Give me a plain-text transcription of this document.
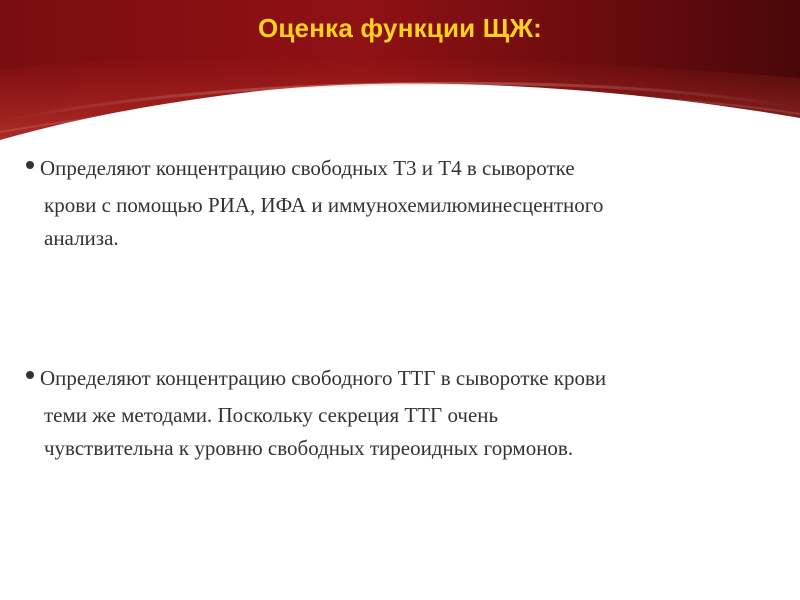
Оценка функции ЩЖ:
Определяют концентрацию свободных Т3 и Т4 в сыворотке
крови с помощью РИА, ИФА и иммунохемилюминесцентного
анализа.
Определяют концентрацию свободного ТТГ в сыворотке крови
теми же методами. Поскольку секреция ТТГ очень
чувствительна к уровню свободных тиреоидных гормонов.
